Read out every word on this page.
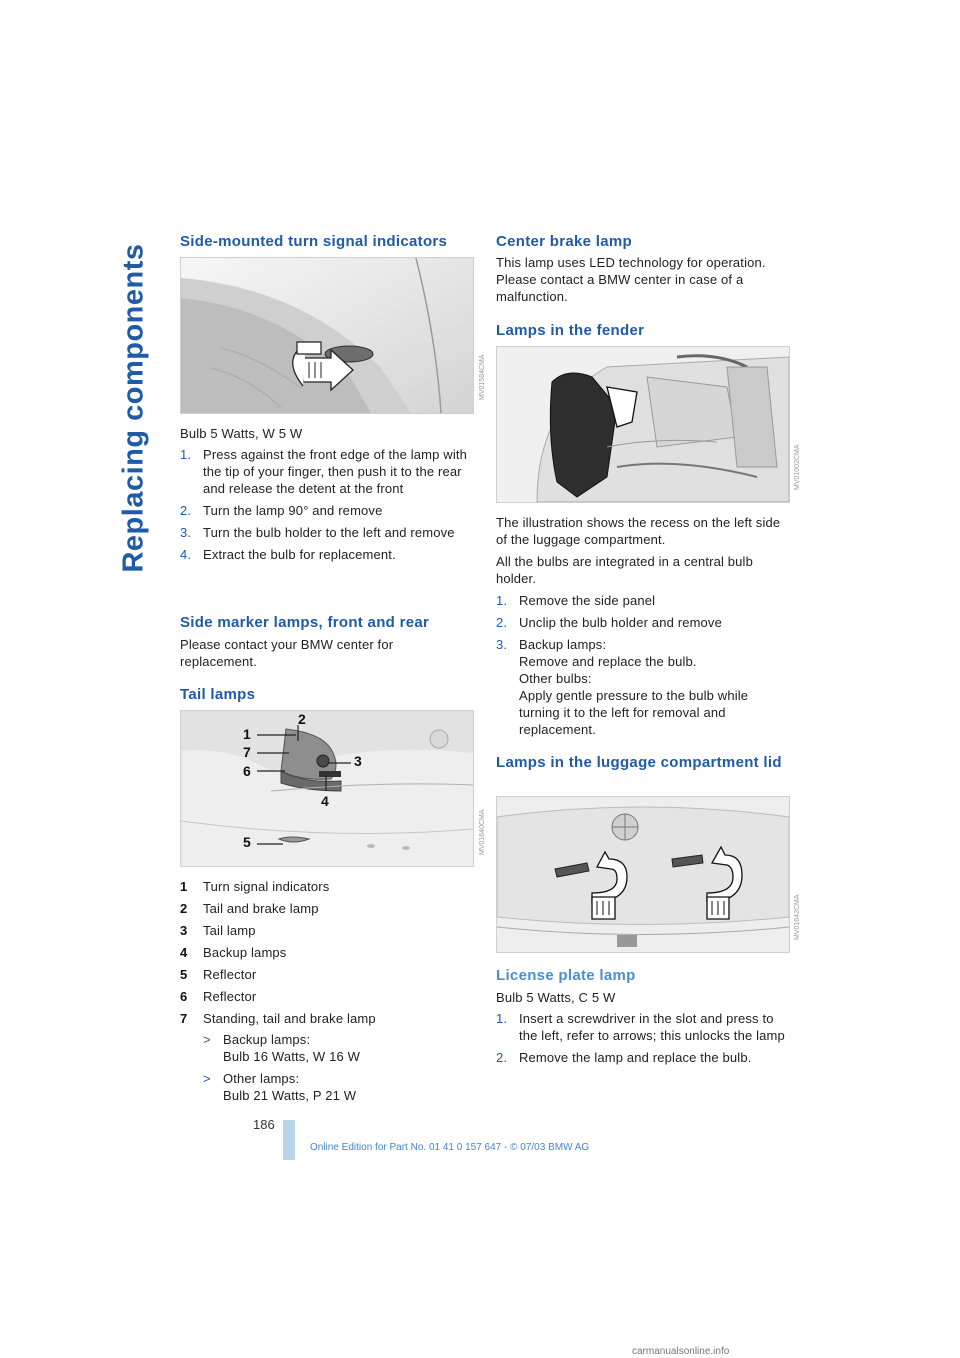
Replacing components
Side-mounted turn signal indicators
MV01584CMA

Bulb 5 Watts, W 5 W

1. Press against the front edge of the lamp with the tip of your finger, then push it to the rear and release the detent at the front
2. Turn the lamp 90° and remove
3. Turn the bulb holder to the left and remove
4. Extract the bulb for replacement.
Side marker lamps, front and rear

Please contact your BMW center for replacement.

Tail lamps
1
2
7
6
3
4
5	MV01640CMA
1 Turn signal indicators
2 Tail and brake lamp
3 Tail lamp
4 Backup lamps
5 Reflector
6 Reflector
7 Standing, tail and brake lamp
> Backup lamps:
Bulb 16 Watts, W 16 W
> Other lamps:
Bulb 21 Watts, P 21 W
Center brake lamp

This lamp uses LED technology for operation. Please contact a BMW center in case of a malfunction.

Lamps in the fender
MV01002CMA

The illustration shows the recess on the left side of the luggage compartment.

All the bulbs are integrated in a central bulb holder.

1. Remove the side panel
2. Unclip the bulb holder and remove
3. Backup lamps:
Remove and replace the bulb.
Other bulbs:
Apply gentle pressure to the bulb while turning it to the left for removal and replacement.
Lamps in the luggage compartment lid
MV01642CMA
License plate lamp

Bulb 5 Watts, C 5 W

1. Insert a screwdriver in the slot and press to the left, refer to arrows; this unlocks the lamp
2. Remove the lamp and replace the bulb.
186
Online Edition for Part No. 01 41 0 157 647 - © 07/03 BMW AG
carmanualsonline.info
